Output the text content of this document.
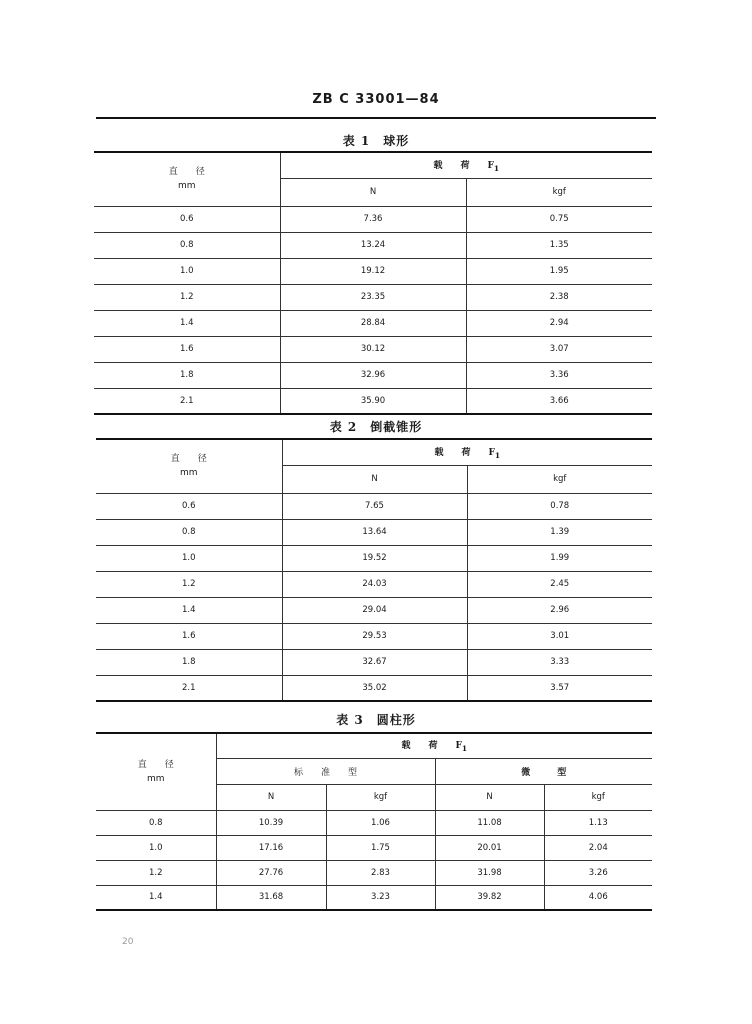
ZB C 33001—84
表 1　球形
直　　径
mm	载　　荷　　$F_1$
	N	kgf
0.6	7.36	0.75
0.8	13.24	1.35
1.0	19.12	1.95
1.2	23.35	2.38
1.4	28.84	2.94
1.6	30.12	3.07
1.8	32.96	3.36
2.1	35.90	3.66
表 2　倒截锥形
直　　径
mm	载　　荷　　$F_1$
	N	kgf
0.6	7.65	0.78
0.8	13.64	1.39
1.0	19.52	1.99
1.2	24.03	2.45
1.4	29.04	2.96
1.6	29.53	3.01
1.8	32.67	3.33
2.1	35.02	3.57
表 3　圆柱形
直　　径
mm	载　　荷　　$F_1$
	标　　准　　型		微　　　型	
	N	kgf	N	kgf
0.8	10.39	1.06	11.08	1.13
1.0	17.16	1.75	20.01	2.04
1.2	27.76	2.83	31.98	3.26
1.4	31.68	3.23	39.82	4.06
20
